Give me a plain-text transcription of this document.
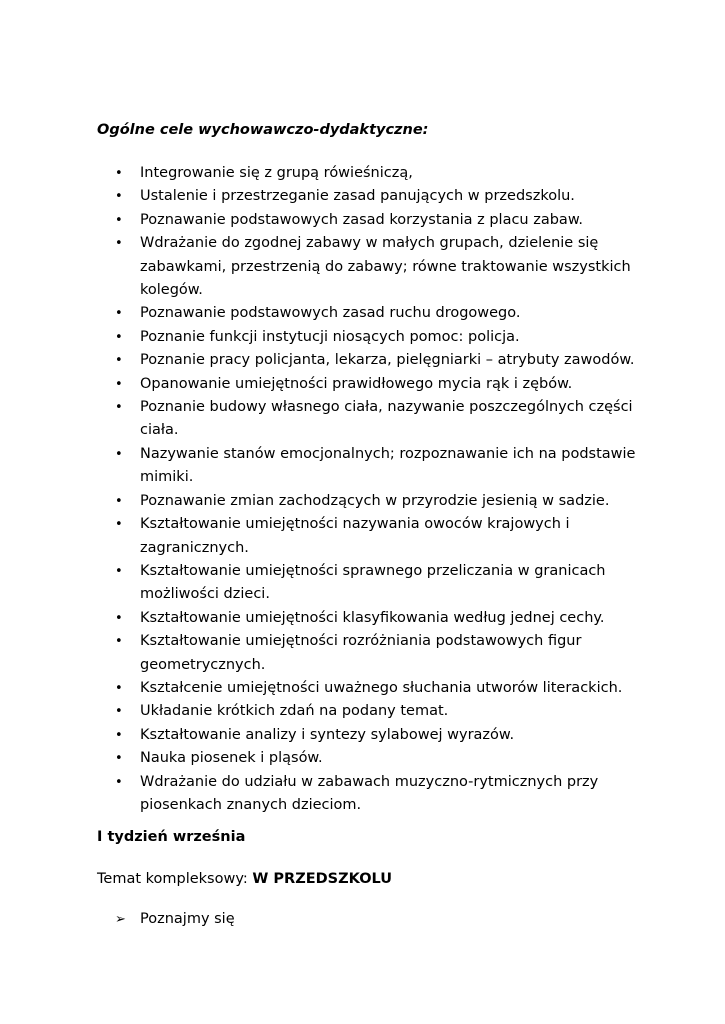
Ogólne cele wychowawczo-dydaktyczne:
• Integrowanie się z grupą rówieśniczą,
• Ustalenie i przestrzeganie zasad panujących w przedszkolu.
• Poznawanie podstawowych zasad korzystania z placu zabaw.
• Wdrażanie do zgodnej zabawy w małych grupach, dzielenie się zabawkami, przestrzenią do zabawy; równe traktowanie wszystkich kolegów.
• Poznawanie podstawowych zasad ruchu drogowego.
• Poznanie funkcji instytucji niosących pomoc: policja.
• Poznanie pracy policjanta, lekarza, pielęgniarki – atrybuty zawodów.
• Opanowanie umiejętności prawidłowego mycia rąk i zębów.
• Poznanie budowy własnego ciała, nazywanie poszczególnych części ciała.
• Nazywanie stanów emocjonalnych; rozpoznawanie ich na podstawie mimiki.
• Poznawanie zmian zachodzących w przyrodzie jesienią w sadzie.
• Kształtowanie umiejętności nazywania owoców krajowych i zagranicznych.
• Kształtowanie umiejętności sprawnego przeliczania w granicach możliwości dzieci.
• Kształtowanie umiejętności klasyfikowania według jednej cechy.
• Kształtowanie umiejętności rozróżniania podstawowych figur geometrycznych.
• Kształcenie umiejętności uważnego słuchania utworów literackich.
• Układanie krótkich zdań na podany temat.
• Kształtowanie analizy i syntezy sylabowej wyrazów.
• Nauka piosenek i pląsów.
• Wdrażanie do udziału w zabawach muzyczno-rytmicznych przy piosenkach znanych dzieciom.
I tydzień września
Temat kompleksowy: W PRZEDSZKOLU
➢ Poznajmy się
